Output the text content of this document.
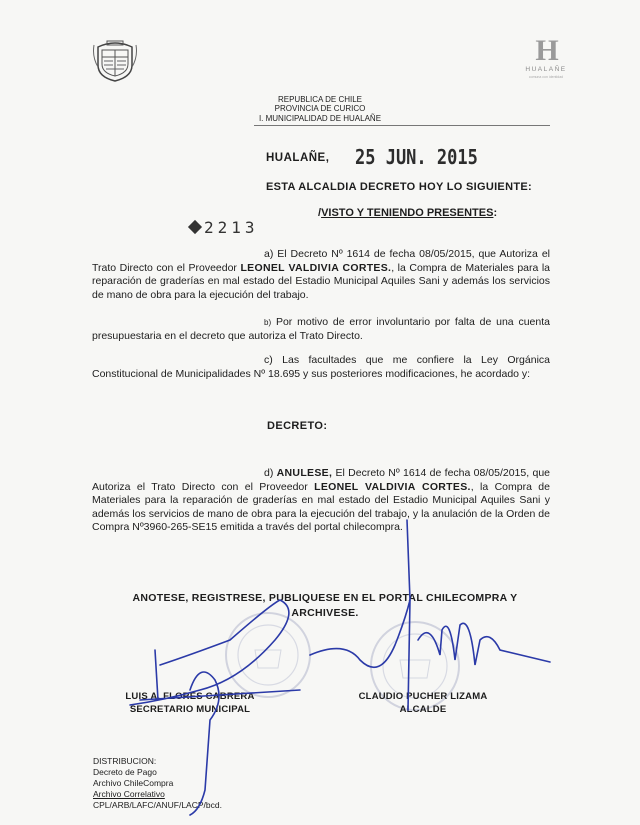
H
HUALAÑE
comuna con identidad
REPUBLICA DE CHILE
PROVINCIA DE CURICO
I. MUNICIPALIDAD DE HUALAÑE
HUALAÑE, 25 JUN. 2015
ESTA ALCALDIA DECRETO HOY LO SIGUIENTE:
2213
/VISTO Y TENIENDO PRESENTES:
a) El Decreto Nº 1614 de fecha 08/05/2015, que Autoriza el Trato Directo con el Proveedor LEONEL VALDIVIA CORTES., la Compra de Materiales para la reparación de graderías en mal estado del Estadio Municipal Aquiles Sani y además los servicios de mano de obra para la ejecución del trabajo.
b) Por motivo de error involuntario por falta de una cuenta presupuestaria en el decreto que autoriza el Trato Directo.
c) Las facultades que me confiere la Ley Orgánica Constitucional de Municipalidades Nº 18.695 y sus posteriores modificaciones, he acordado y:
DECRETO:
d) ANULESE, El Decreto Nº 1614 de fecha 08/05/2015, que Autoriza el Trato Directo con el Proveedor LEONEL VALDIVIA CORTES., la Compra de Materiales para la reparación de graderías en mal estado del Estadio Municipal Aquiles Sani y además los servicios de mano de obra para la ejecución del trabajo, y la anulación de la Orden de Compra Nº3960-265-SE15 emitida a través del portal chilecompra.
ANOTESE, REGISTRESE, PUBLIQUESE EN EL PORTAL CHILECOMPRA Y
ARCHIVESE.
LUIS A. FLORES CABRERA
SECRETARIO MUNICIPAL
CLAUDIO PUCHER LIZAMA
ALCALDE
DISTRIBUCION:
Decreto de Pago
Archivo ChileCompra
Archivo Correlativo
CPL/ARB/LAFC/ANUF/LACP/bcd.
